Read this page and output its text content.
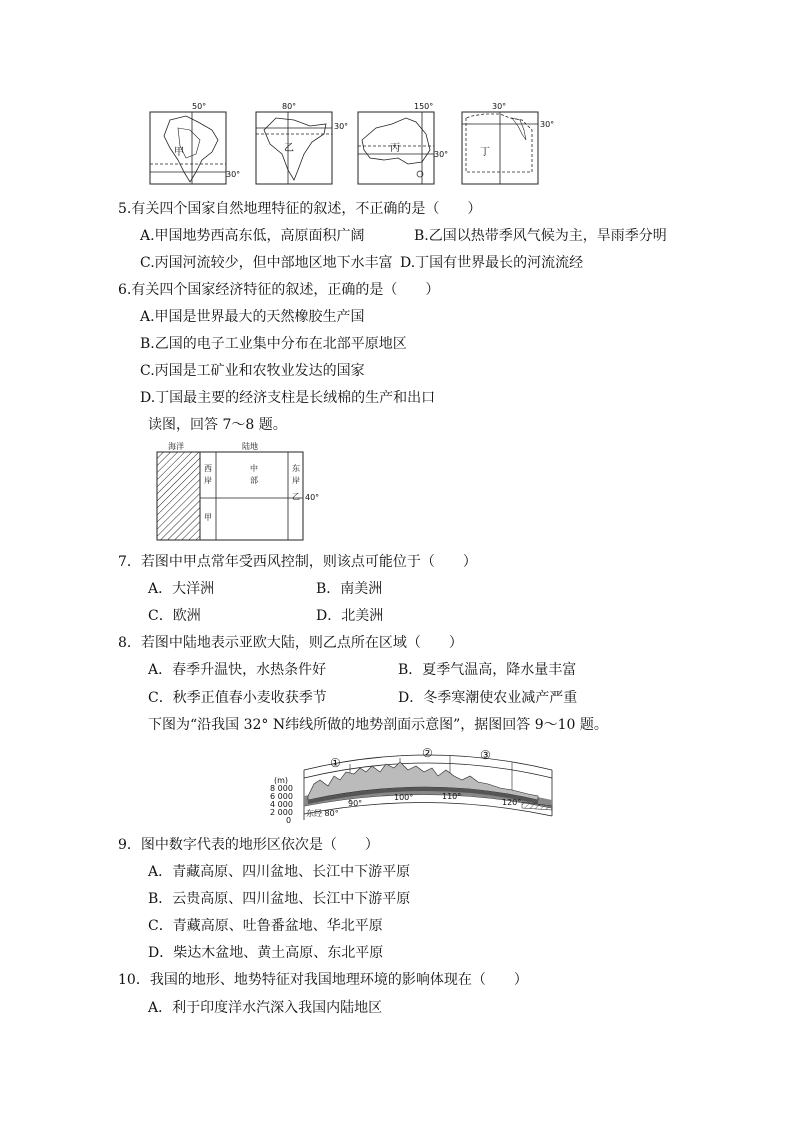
50°
甲
30°
80°
乙
30°
150°
丙
30°
30°
丁
30°
5.有关四个国家自然地理特征的叙述，不正确的是（　　）
A.甲国地势西高东低，高原面积广阔	B.乙国以热带季风气候为主，旱雨季分明
C.丙国河流较少，但中部地区地下水丰富 D.丁国有世界最长的河流流经
6.有关四个国家经济特征的叙述，正确的是（　　）
A.甲国是世界最大的天然橡胶生产国
B.乙国的电子工业集中分布在北部平原地区
C.丙国是工矿业和农牧业发达的国家
D.丁国最主要的经济支柱是长绒棉的生产和出口
读图，回答 7～8 题。
海洋	陆地
西
岸
中
部
东
岸
乙 40°
甲
7．若图中甲点常年受西风控制，则该点可能位于（　　）
A．大洋洲	B．南美洲
C．欧洲	D．北美洲
8．若图中陆地表示亚欧大陆，则乙点所在区域（　　）
A．春季升温快，水热条件好	B．夏季气温高，降水量丰富
C．秋季正值春小麦收获季节	D．冬季寒潮使农业减产严重
下图为“沿我国 32° N纬线所做的地势剖面示意图”，据图回答 9～10 题。
(m)
8 000
6 000
4 000
2 000
0
东经 80°
90°
100°	110°
120°
①
②	③
9．图中数字代表的地形区依次是（　　）
A．青藏高原、四川盆地、长江中下游平原
B．云贵高原、四川盆地、长江中下游平原
C．青藏高原、吐鲁番盆地、华北平原
D．柴达木盆地、黄土高原、东北平原
10．我国的地形、地势特征对我国地理环境的影响体现在（　　）
A．利于印度洋水汽深入我国内陆地区
